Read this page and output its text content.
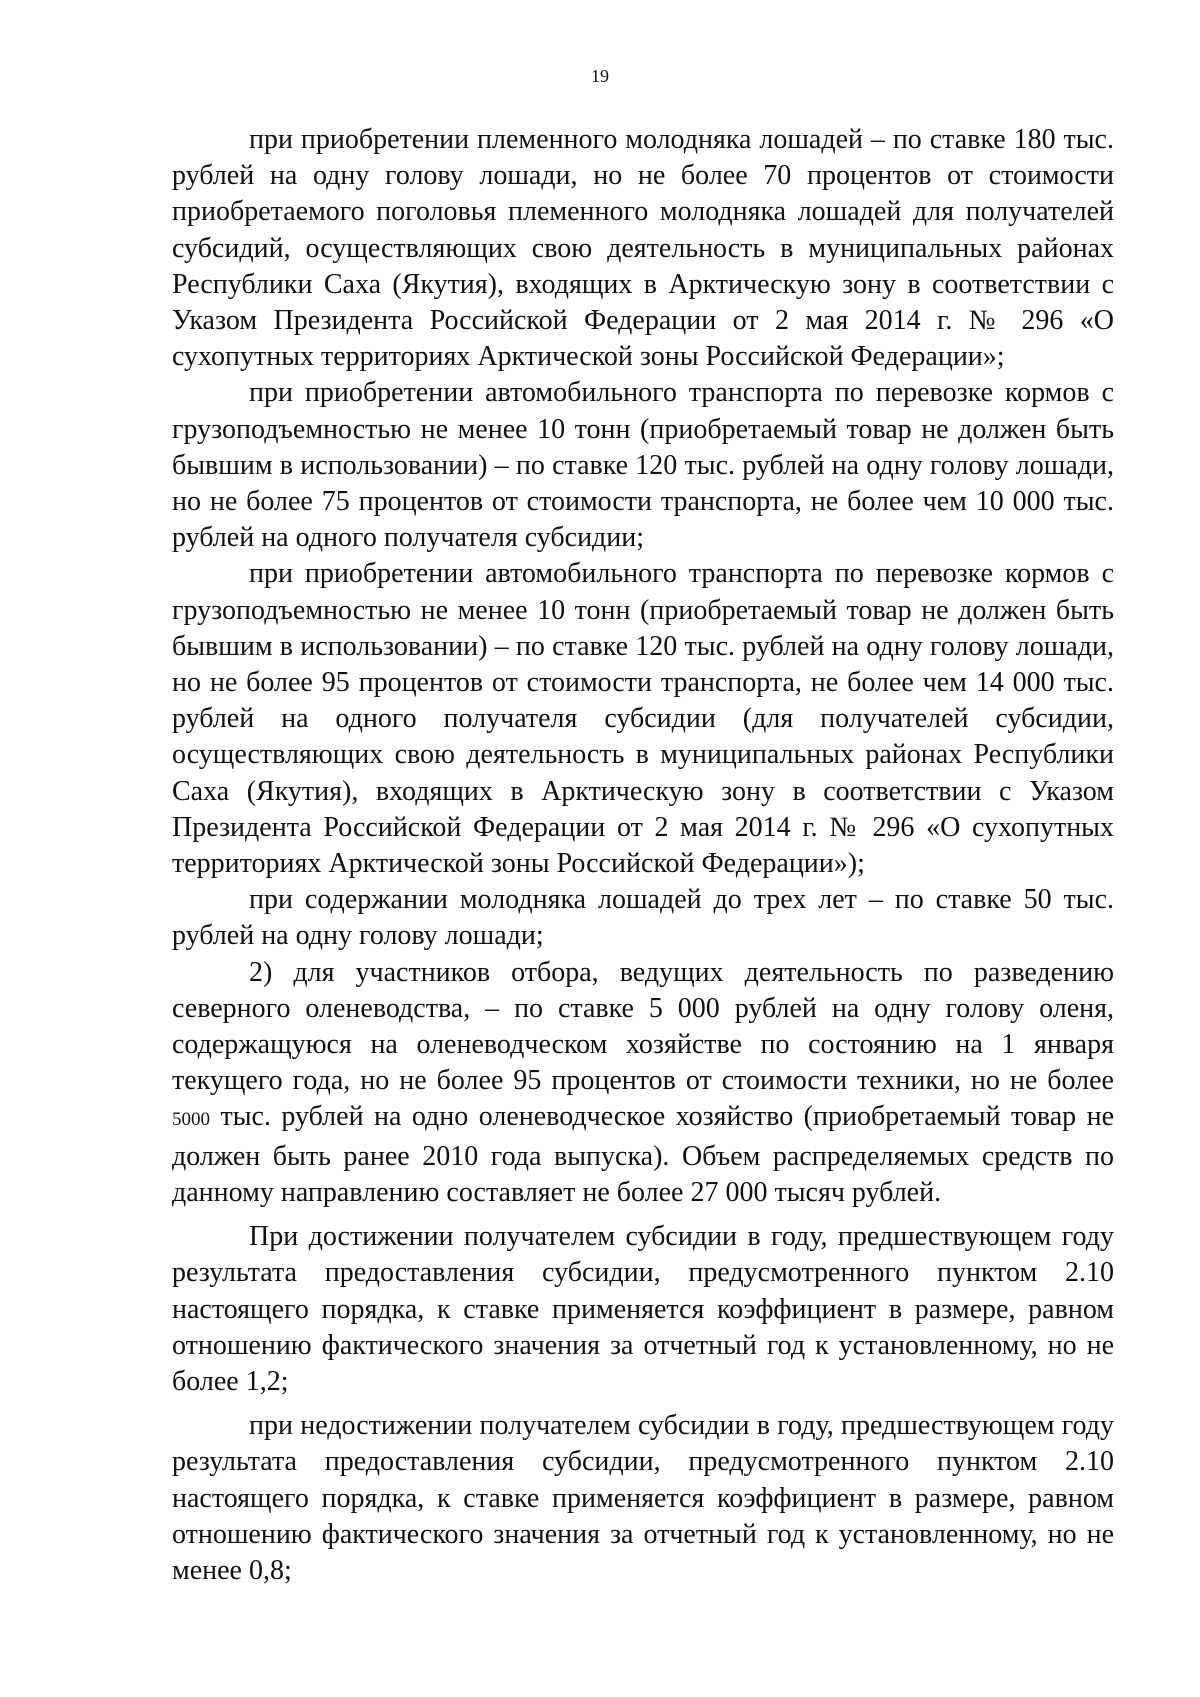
19

при приобретении племенного молодняка лошадей – по ставке 180 тыс. рублей на одну голову лошади, но не более 70 процентов от стоимости приобретаемого поголовья племенного молодняка лошадей для получателей субсидий, осуществляющих свою деятельность в муниципальных районах Республики Саха (Якутия), входящих в Арктическую зону в соответствии с Указом Президента Российской Федерации от 2 мая 2014 г. № 296 «О сухопутных территориях Арктической зоны Российской Федерации»;

при приобретении автомобильного транспорта по перевозке кормов с грузоподъемностью не менее 10 тонн (приобретаемый товар не должен быть бывшим в использовании) – по ставке 120 тыс. рублей на одну голову лошади, но не более 75 процентов от стоимости транспорта, не более чем 10 000 тыс. рублей на одного получателя субсидии;

при приобретении автомобильного транспорта по перевозке кормов с грузоподъемностью не менее 10 тонн (приобретаемый товар не должен быть бывшим в использовании) – по ставке 120 тыс. рублей на одну голову лошади, но не более 95 процентов от стоимости транспорта, не более чем 14 000 тыс. рублей на одного получателя субсидии (для получателей субсидии, осуществляющих свою деятельность в муниципальных районах Республики Саха (Якутия), входящих в Арктическую зону в соответствии с Указом Президента Российской Федерации от 2 мая 2014 г. № 296 «О сухопутных территориях Арктической зоны Российской Федерации»);

при содержании молодняка лошадей до трех лет – по ставке 50 тыс. рублей на одну голову лошади;

2) для участников отбора, ведущих деятельность по разведению северного оленеводства, – по ставке 5 000 рублей на одну голову оленя, содержащуюся на оленеводческом хозяйстве по состоянию на 1 января текущего года, но не более 95 процентов от стоимости техники, но не более 5000 тыс. рублей на одно оленеводческое хозяйство (приобретаемый товар не должен быть ранее 2010 года выпуска). Объем распределяемых средств по данному направлению составляет не более 27 000 тысяч рублей.

При достижении получателем субсидии в году, предшествующем году результата предоставления субсидии, предусмотренного пунктом 2.10 настоящего порядка, к ставке применяется коэффициент в размере, равном отношению фактического значения за отчетный год к установленному, но не более 1,2;

при недостижении получателем субсидии в году, предшествующем году результата предоставления субсидии, предусмотренного пунктом 2.10 настоящего порядка, к ставке применяется коэффициент в размере, равном отношению фактического значения за отчетный год к установленному, но не менее 0,8;
